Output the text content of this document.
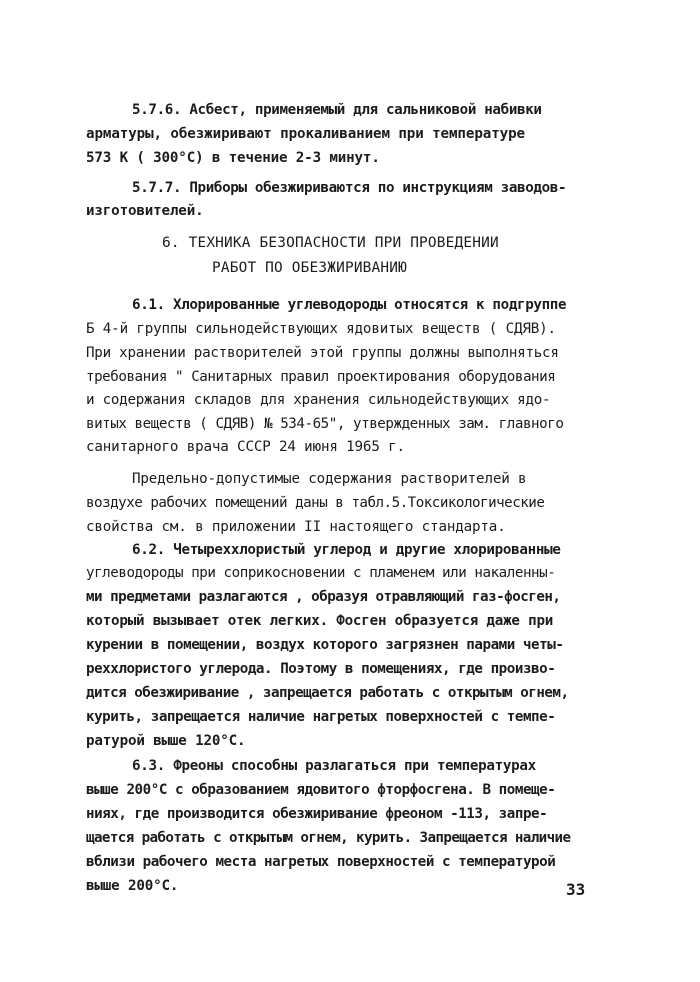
5.7.6. Асбест, применяемый для сальниковой набивки
арматуры, обезжиривают прокаливанием при температуре
573 К ( 300°С) в течение 2-3 минут.
5.7.7. Приборы обезжириваются по инструкциям заводов-
изготовителей.
6. ТЕХНИКА БЕЗОПАСНОСТИ ПРИ ПРОВЕДЕНИИ
РАБОТ ПО ОБЕЗЖИРИВАНИЮ
6.1. Хлорированные углеводороды относятся к подгруппе
Б 4-й группы сильнодействующих ядовитых веществ ( СДЯВ).
При хранении растворителей этой группы должны выполняться
требования " Санитарных правил проектирования оборудования
и содержания складов для хранения сильнодействующих ядо-
витых веществ ( СДЯВ) № 534-65", утвержденных зам. главного
санитарного врача СССР 24 июня 1965 г.
Предельно-допустимые содержания растворителей в
воздухе рабочих помещений даны в табл.5.Токсикологические
свойства см. в приложении II настоящего стандарта.
6.2. Четыреххлористый углерод и другие хлорированные
углеводороды при соприкосновении с пламенем или накаленны-
ми предметами разлагаются , образуя отравляющий газ-фосген,
который вызывает отек легких. Фосген образуется даже при
курении в помещении, воздух которого загрязнен парами четы-
реххлористого углерода. Поэтому в помещениях, где произво-
дится обезжиривание , запрещается работать с открытым огнем,
курить, запрещается наличие нагретых поверхностей с темпе-
ратурой выше 120°С.
6.3. Фреоны способны разлагаться при температурах
выше 200°С с образованием ядовитого фторфосгена. В помеще-
ниях, где производится обезжиривание фреоном -113, запре-
щается работать с открытым огнем, курить. Запрещается наличие
вблизи рабочего места нагретых поверхностей с температурой
выше 200°С.	33
